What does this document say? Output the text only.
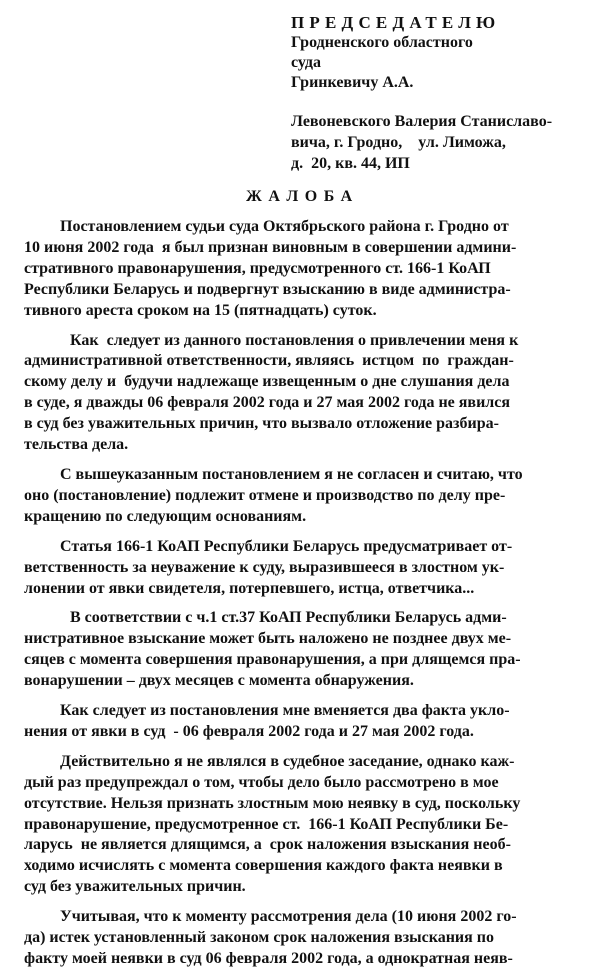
ПРЕДСЕДАТЕЛЮ
Гродненского областного
суда
Гринкевичу А.А.
Левоневского Валерия Станиславо-
вича, г. Гродно,    ул. Лиможа,
д.  20, кв. 44, ИП
ЖАЛОБА
Постановлением судьи суда Октябрьского района г. Гродно от
10 июня 2002 года  я был признан виновным в совершении админи-
стративного правонарушения, предусмотренного ст. 166-1 КоАП
Республики Беларусь и подвергнут взысканию в виде администра-
тивного ареста сроком на 15 (пятнадцать) суток.
Как  следует из данного постановления о привлечении меня к
административной ответственности, являясь  истцом  по  граждан-
скому делу и  будучи надлежаще извещенным о дне слушания дела
в суде, я дважды 06 февраля 2002 года и 27 мая 2002 года не явился
в суд без уважительных причин, что вызвало отложение разбира-
тельства дела.
С вышеуказанным постановлением я не согласен и считаю, что
оно (постановление) подлежит отмене и производство по делу пре-
кращению по следующим основаниям.
Статья 166-1 КоАП Республики Беларусь предусматривает от-
ветственность за неуважение к суду, выразившееся в злостном ук-
лонении от явки свидетеля, потерпевшего, истца, ответчика...
В соответствии с ч.1 ст.37 КоАП Республики Беларусь адми-
нистративное взыскание может быть наложено не позднее двух ме-
сяцев с момента совершения правонарушения, а при длящемся пра-
вонарушении – двух месяцев с момента обнаружения.
Как следует из постановления мне вменяется два факта укло-
нения от явки в суд  - 06 февраля 2002 года и 27 мая 2002 года.
Действительно я не являлся в судебное заседание, однако каж-
дый раз предупреждал о том, чтобы дело было рассмотрено в мое
отсутствие. Нельзя признать злостным мою неявку в суд, поскольку
правонарушение, предусмотренное ст.  166-1 КоАП Республики Бе-
ларусь  не является длящимся, а  срок наложения взыскания необ-
ходимо исчислять с момента совершения каждого факта неявки в
суд без уважительных причин.
Учитывая, что к моменту рассмотрения дела (10 июня 2002 го-
да) истек установленный законом срок наложения взыскания по
факту моей неявки в суд 06 февраля 2002 года, а однократная неяв-
